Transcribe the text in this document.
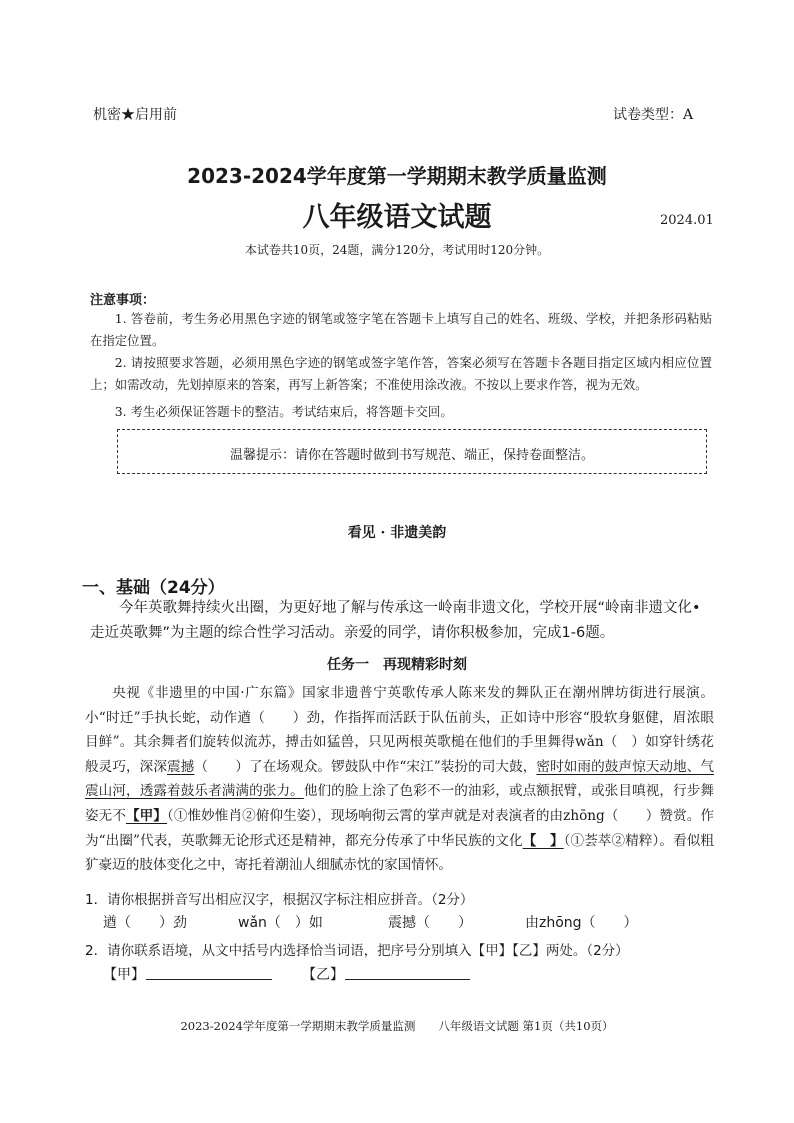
机密★启用前	试卷类型：A
2023-2024学年度第一学期期末教学质量监测
八年级语文试题	2024.01
本试卷共10页，24题，满分120分，考试用时120分钟。
注意事项：

1. 答卷前，考生务必用黑色字迹的钢笔或签字笔在答题卡上填写自己的姓名、班级、学校，并把条形码粘贴在指定位置。

2. 请按照要求答题，必须用黑色字迹的钢笔或签字笔作答，答案必须写在答题卡各题目指定区域内相应位置上；如需改动，先划掉原来的答案，再写上新答案；不准使用涂改液。不按以上要求作答，视为无效。

3. 考生必须保证答题卡的整洁。考试结束后，将答题卡交回。

温馨提示：请你在答题时做到书写规范、端正，保持卷面整洁。
看见 · 非遗美韵
一、基础（24分）

今年英歌舞持续火出圈，为更好地了解与传承这一岭南非遗文化，学校开展“岭南非遗文化•走近英歌舞”为主题的综合性学习活动。亲爱的同学，请你积极参加，完成1-6题。

任务一　再现精彩时刻

央视《非遗里的中国·广东篇》国家非遗普宁英歌传承人陈来发的舞队正在潮州牌坊街进行展演。小“时迁”手执长蛇，动作遒（　　）劲，作指挥而活跃于队伍前头，正如诗中形容“股软身躯健，眉浓眼目鲜”。其余舞者们旋转似流苏，搏击如猛兽，只见两根英歌槌在他们的手里舞得wǎn（　）如穿针绣花般灵巧，深深震撼（　　）了在场观众。锣鼓队中作“宋江”装扮的司大鼓，密时如雨的鼓声惊天动地、气震山河，透露着鼓乐者满满的张力。他们的脸上涂了色彩不一的油彩，或点额抿臂，或张目嗔视，行步舞姿无不【甲】（①惟妙惟肖②俯仰生姿），现场响彻云霄的掌声就是对表演者的由zhōng（　　）赞赏。作为“出圈”代表，英歌舞无论形式还是精神，都充分传承了中华民族的文化【　】（①荟萃②精粹）。看似粗犷豪迈的肢体变化之中，寄托着潮汕人细腻赤忱的家国情怀。

1．请你根据拼音写出相应汉字，根据汉字标注相应拼音。（2分）
遒（　　）劲	wǎn（　）如	震撼（　　）	由zhōng（　　）
2．请你联系语境，从文中括号内选择恰当词语，把序号分别填入【甲】【乙】两处。（2分）
【甲】	【乙】
2023-2024学年度第一学期期末教学质量监测　　八年级语文试题 第1页（共10页）
